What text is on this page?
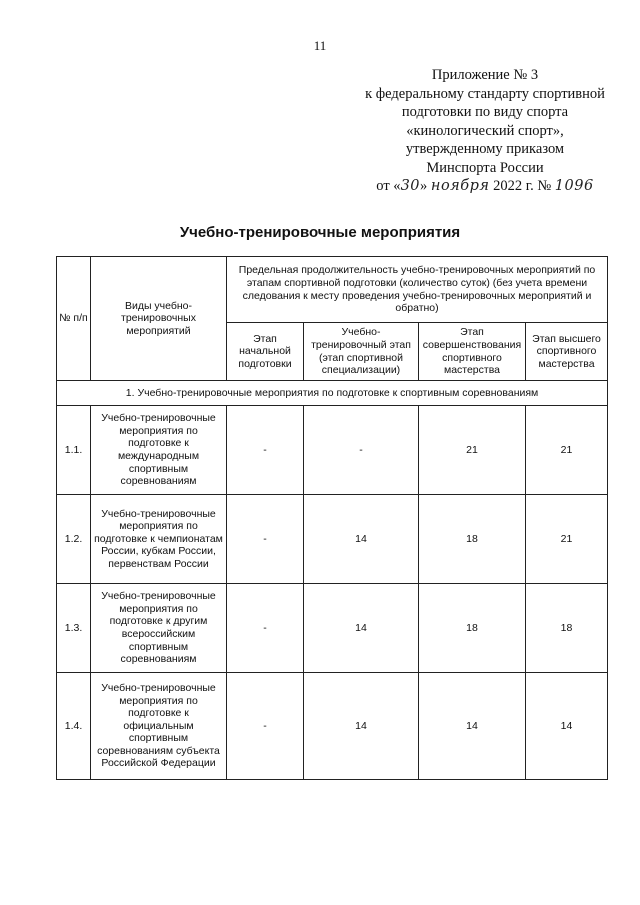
11
Приложение № 3
к федеральному стандарту спортивной
подготовки по виду спорта
«кинологический спорт»,
утвержденному приказом
Минспорта России
от «30» ноября 2022 г. № 1096
Учебно-тренировочные мероприятия
№ п/п	Виды учебно-тренировочных мероприятий	Предельная продолжительность учебно-тренировочных мероприятий по этапам спортивной подготовки (количество суток) (без учета времени следования к месту проведения учебно-тренировочных мероприятий и обратно)			
		Этап начальной подготовки	Учебно-тренировочный этап (этап спортивной специализации)	Этап совершенствования спортивного мастерства	Этап высшего спортивного мастерства
1. Учебно-тренировочные мероприятия по подготовке к спортивным соревнованиям					
1.1.	Учебно-тренировочные мероприятия по подготовке к международным спортивным соревнованиям	-	-	21	21
1.2.	Учебно-тренировочные мероприятия по подготовке к чемпионатам России, кубкам России, первенствам России	-	14	18	21
1.3.	Учебно-тренировочные мероприятия по подготовке к другим всероссийским спортивным соревнованиям	-	14	18	18
1.4.	Учебно-тренировочные мероприятия по подготовке к официальным спортивным соревнованиям субъекта Российской Федерации	-	14	14	14
